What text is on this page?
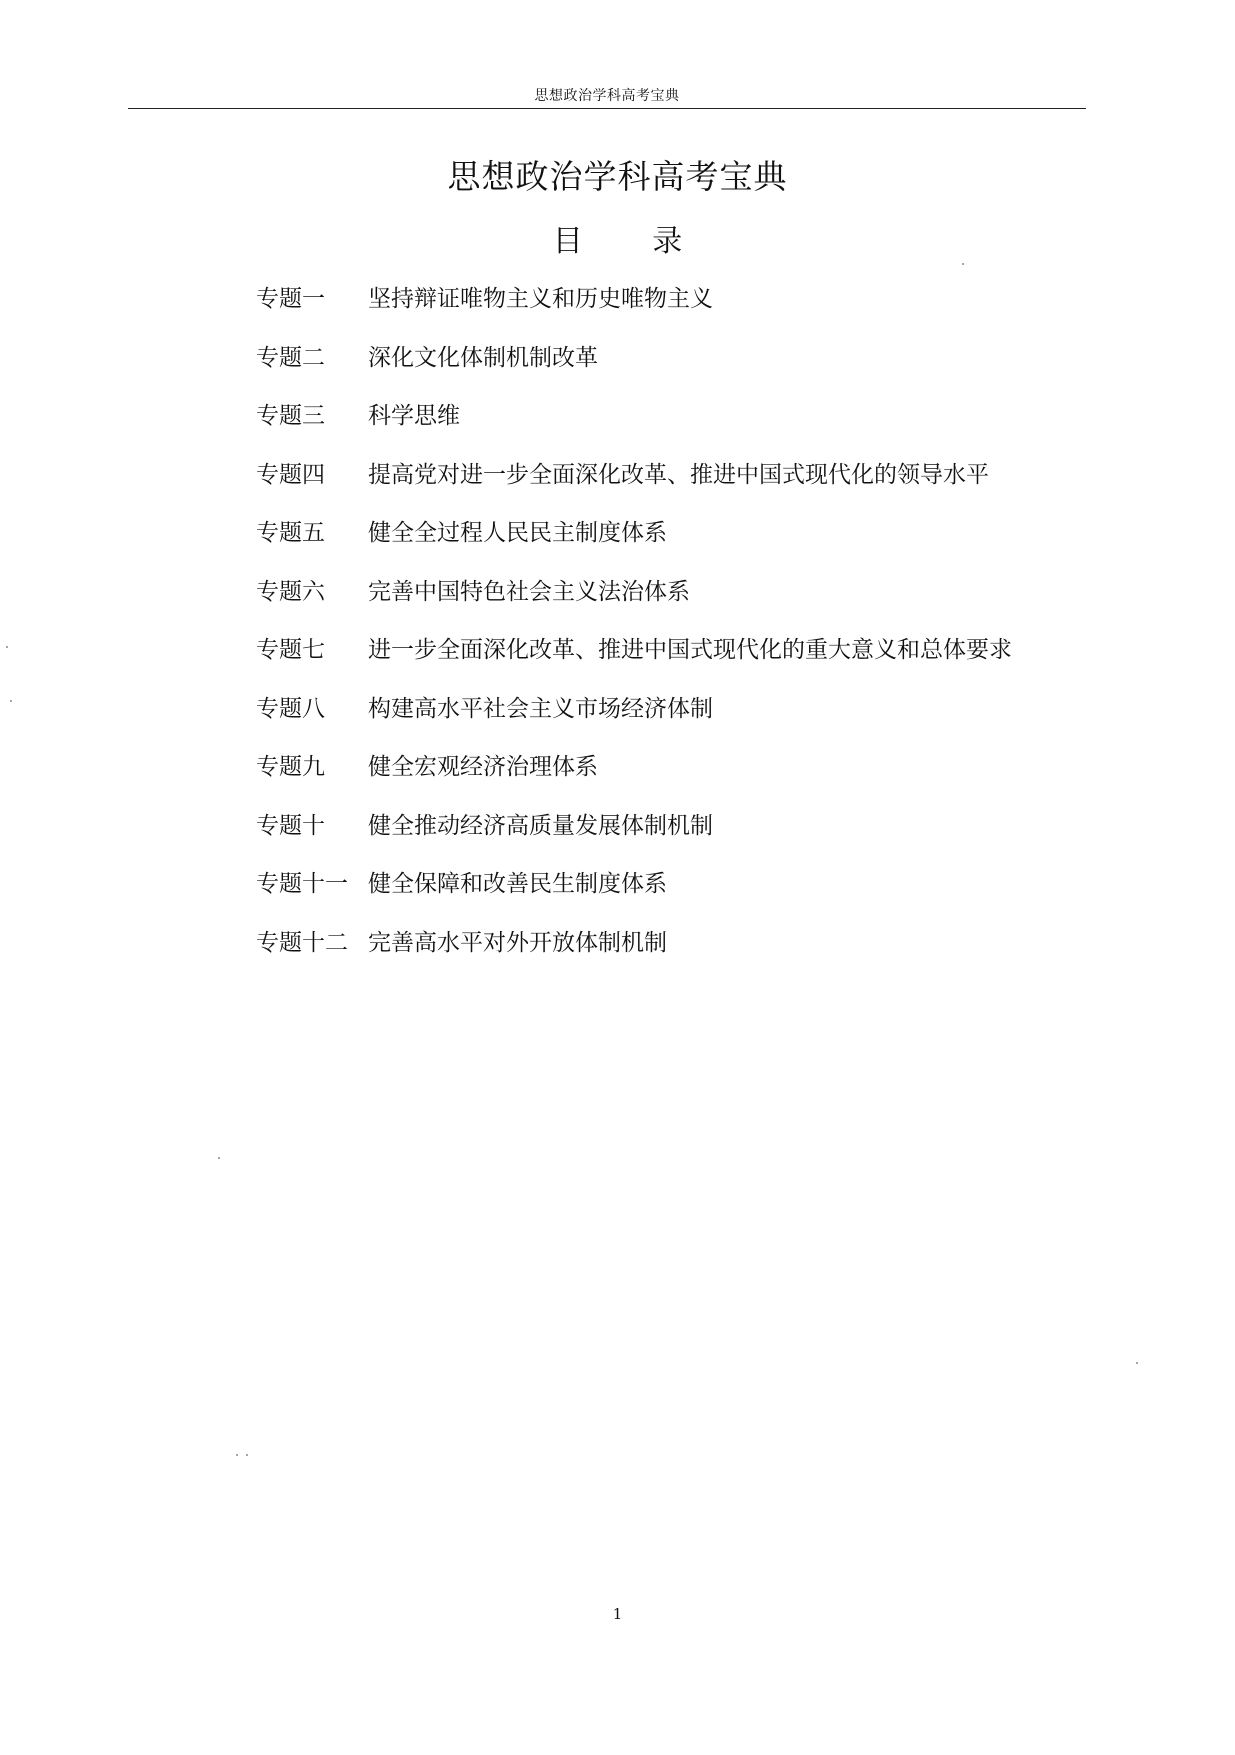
思想政治学科高考宝典
思想政治学科高考宝典
目 录
专题一	坚持辩证唯物主义和历史唯物主义
专题二	深化文化体制机制改革
专题三	科学思维
专题四	提高党对进一步全面深化改革、推进中国式现代化的领导水平
专题五	健全全过程人民民主制度体系
专题六	完善中国特色社会主义法治体系
专题七	进一步全面深化改革、推进中国式现代化的重大意义和总体要求
专题八	构建高水平社会主义市场经济体制
专题九	健全宏观经济治理体系
专题十	健全推动经济高质量发展体制机制
专题十一 健全保障和改善民生制度体系
专题十二 完善高水平对外开放体制机制
1
